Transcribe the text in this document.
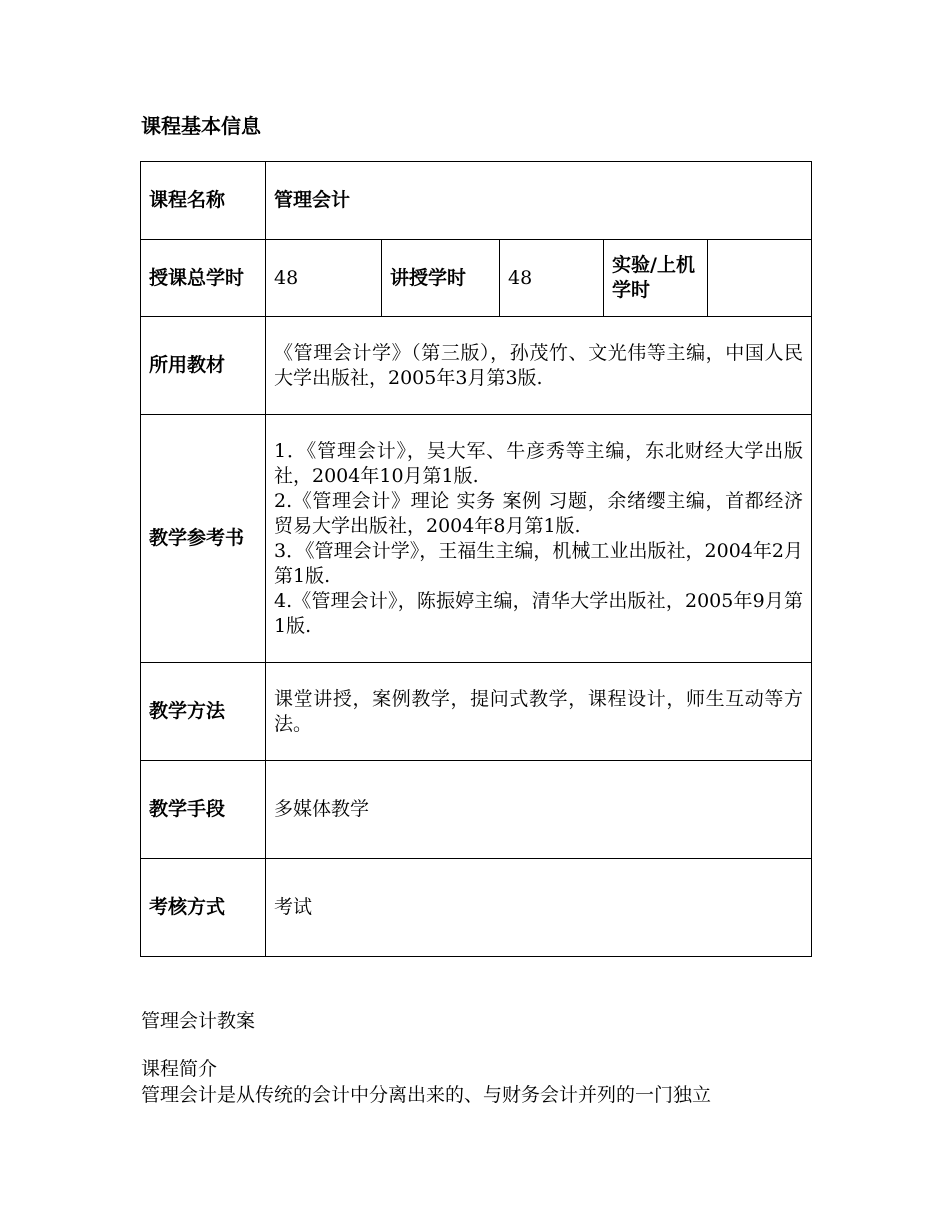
课程基本信息
课程名称	管理会计				
授课总学时	48	讲授学时	48	实验/上机学时	
所用教材	《管理会计学》（第三版），孙茂竹、文光伟等主编，中国人民大学出版社，2005年3月第3版.				
教学参考书	1．《管理会计》，吴大军、牛彦秀等主编，东北财经大学出版社，2004年10月第1版.
2.《管理会计》理论 实务 案例 习题，余绪缨主编，首都经济贸易大学出版社，2004年8月第1版.
3．《管理会计学》，王福生主编，机械工业出版社，2004年2月第1版.
4.《管理会计》，陈振婷主编，清华大学出版社，2005年9月第1版.				

教学方法	课堂讲授，案例教学，提问式教学，课程设计，师生互动等方法。				
教学手段	多媒体教学				
考核方式	考试				
管理会计教案
课程简介
管理会计是从传统的会计中分离出来的、与财务会计并列的一门独立
